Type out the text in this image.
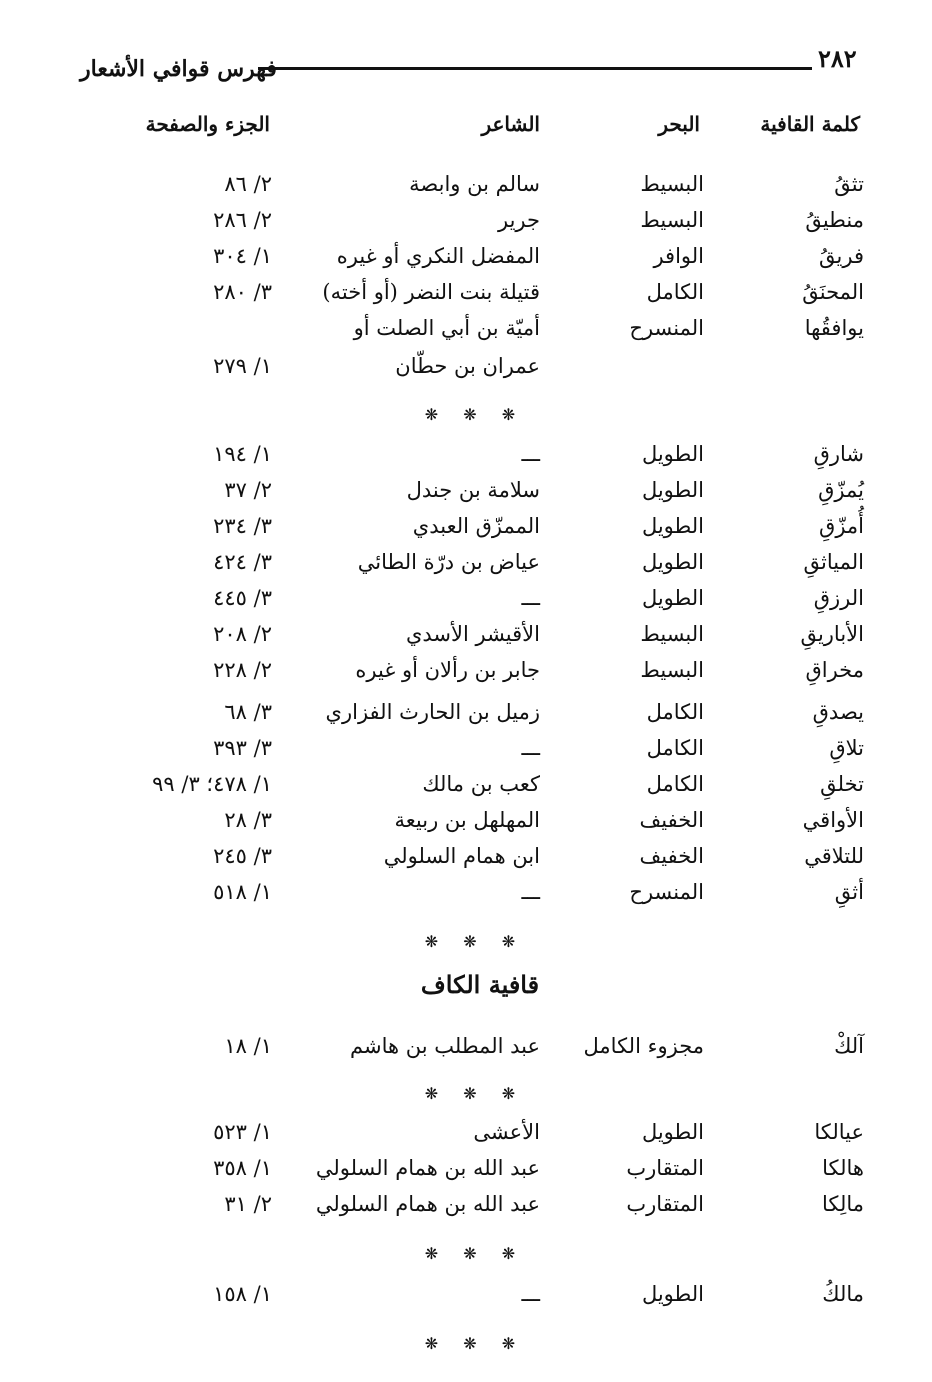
٢٨٢
فهرس قوافي الأشعار
كلمة القافية
البحر
الشاعر
الجزء والصفحة
تثقُ
البسيط
سالم بن وابصة
٢/ ٨٦
منطيقُ
البسيط
جرير
٢/ ٢٨٦
فريقُ
الوافر
المفضل النكري أو غيره
١/ ٣٠٤
المحنَقُ
الكامل
قتيلة بنت النضر (أو أخته)
٣/ ٢٨٠
يوافقُها
المنسرح
أميّة بن أبي الصلت أو
عمران بن حطّان
١/ ٢٧٩
❋ ❋ ❋
شارقِ
الطويل
ـــ
١/ ١٩٤
يُمزّقِ
الطويل
سلامة بن جندل
٢/ ٣٧
أُمزّقِ
الطويل
الممزّق العبدي
٣/ ٢٣٤
المياثقِ
الطويل
عياض بن درّة الطائي
٣/ ٤٢٤
الرزقِ
الطويل
ـــ
٣/ ٤٤٥
الأباريقِ
البسيط
الأقيشر الأسدي
٢/ ٢٠٨
مخراقِ
البسيط
جابر بن رألان أو غيره
٢/ ٢٢٨
يصدقِ
الكامل
زميل بن الحارث الفزاري
٣/ ٦٨
تلاقِ
الكامل
ـــ
٣/ ٣٩٣
تخلقِ
الكامل
كعب بن مالك
١/ ٤٧٨؛ ٣/ ٩٩
الأواقي
الخفيف
المهلهل بن ربيعة
٣/ ٢٨
للتلاقي
الخفيف
ابن همام السلولي
٣/ ٢٤٥
أثقِ
المنسرح
ـــ
١/ ٥١٨
❋ ❋ ❋
قافية الكاف
آلكْ
مجزوء الكامل
عبد المطلب بن هاشم
١/ ١٨
❋ ❋ ❋
عيالكا
الطويل
الأعشى
١/ ٥٢٣
هالكا
المتقارب
عبد الله بن همام السلولي
١/ ٣٥٨
مالِكا
المتقارب
عبد الله بن همام السلولي
٢/ ٣١
❋ ❋ ❋
مالكُ
الطويل
ـــ
١/ ١٥٨
❋ ❋ ❋
